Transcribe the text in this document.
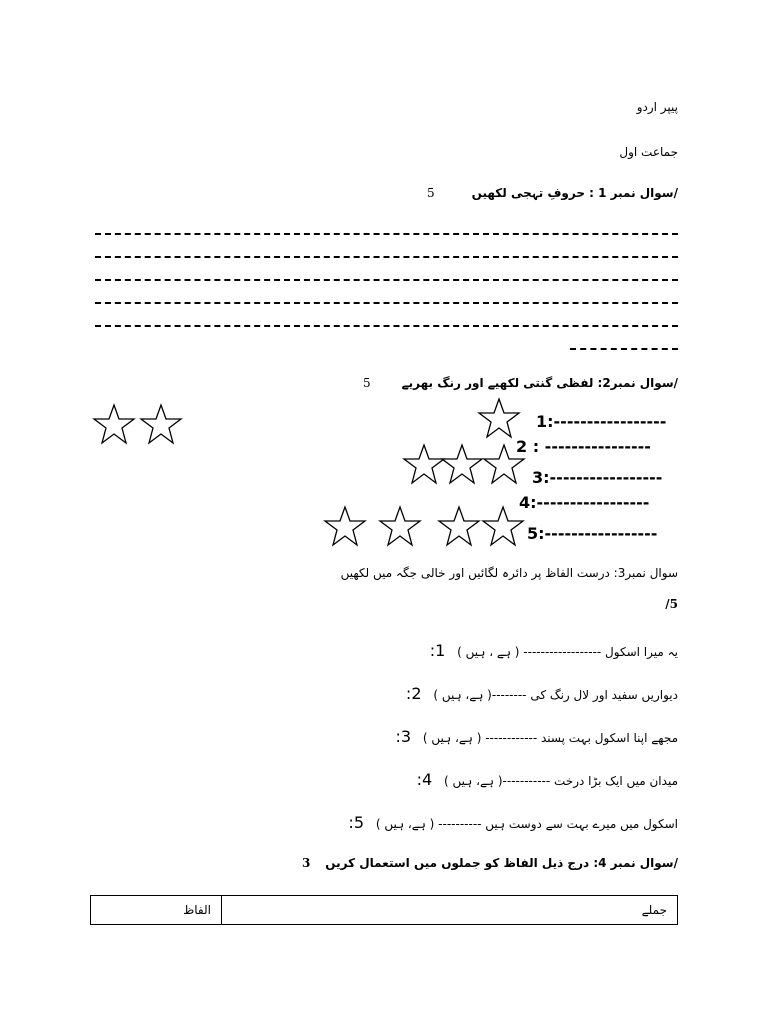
پیپر اردو
جماعت اول
/سوال نمبر 1 : حروفِ تہجی لکھیں
5
/سوال نمبر2: لفظی گنتی لکھیے اور رنگ بھریے
5
1:-----------------
2 : ----------------
3:-----------------
4:-----------------
5:-----------------
سوال نمبر3: درست الفاظ پر دائرہ لگائیں اور خالی جگہ میں لکھیں
5/
یہ میرا اسکول ------------------ ( ہے ، ہیں ) 1:
دیواریں سفید اور لال رنگ کی --------( ہے، ہیں ) 2:
مجھے اپنا اسکول بہت پسند ------------ ( ہے، ہیں ) 3:
میدان میں ایک بڑا درخت -----------( ہے، ہیں ) 4:
اسکول میں میرے بہت سے دوست ہیں ---------- ( ہے، ہیں ) 5:
/سوال نمبر 4: درج ذیل الفاظ کو جملوں میں استعمال کریں
3
الفاظ	جملے
